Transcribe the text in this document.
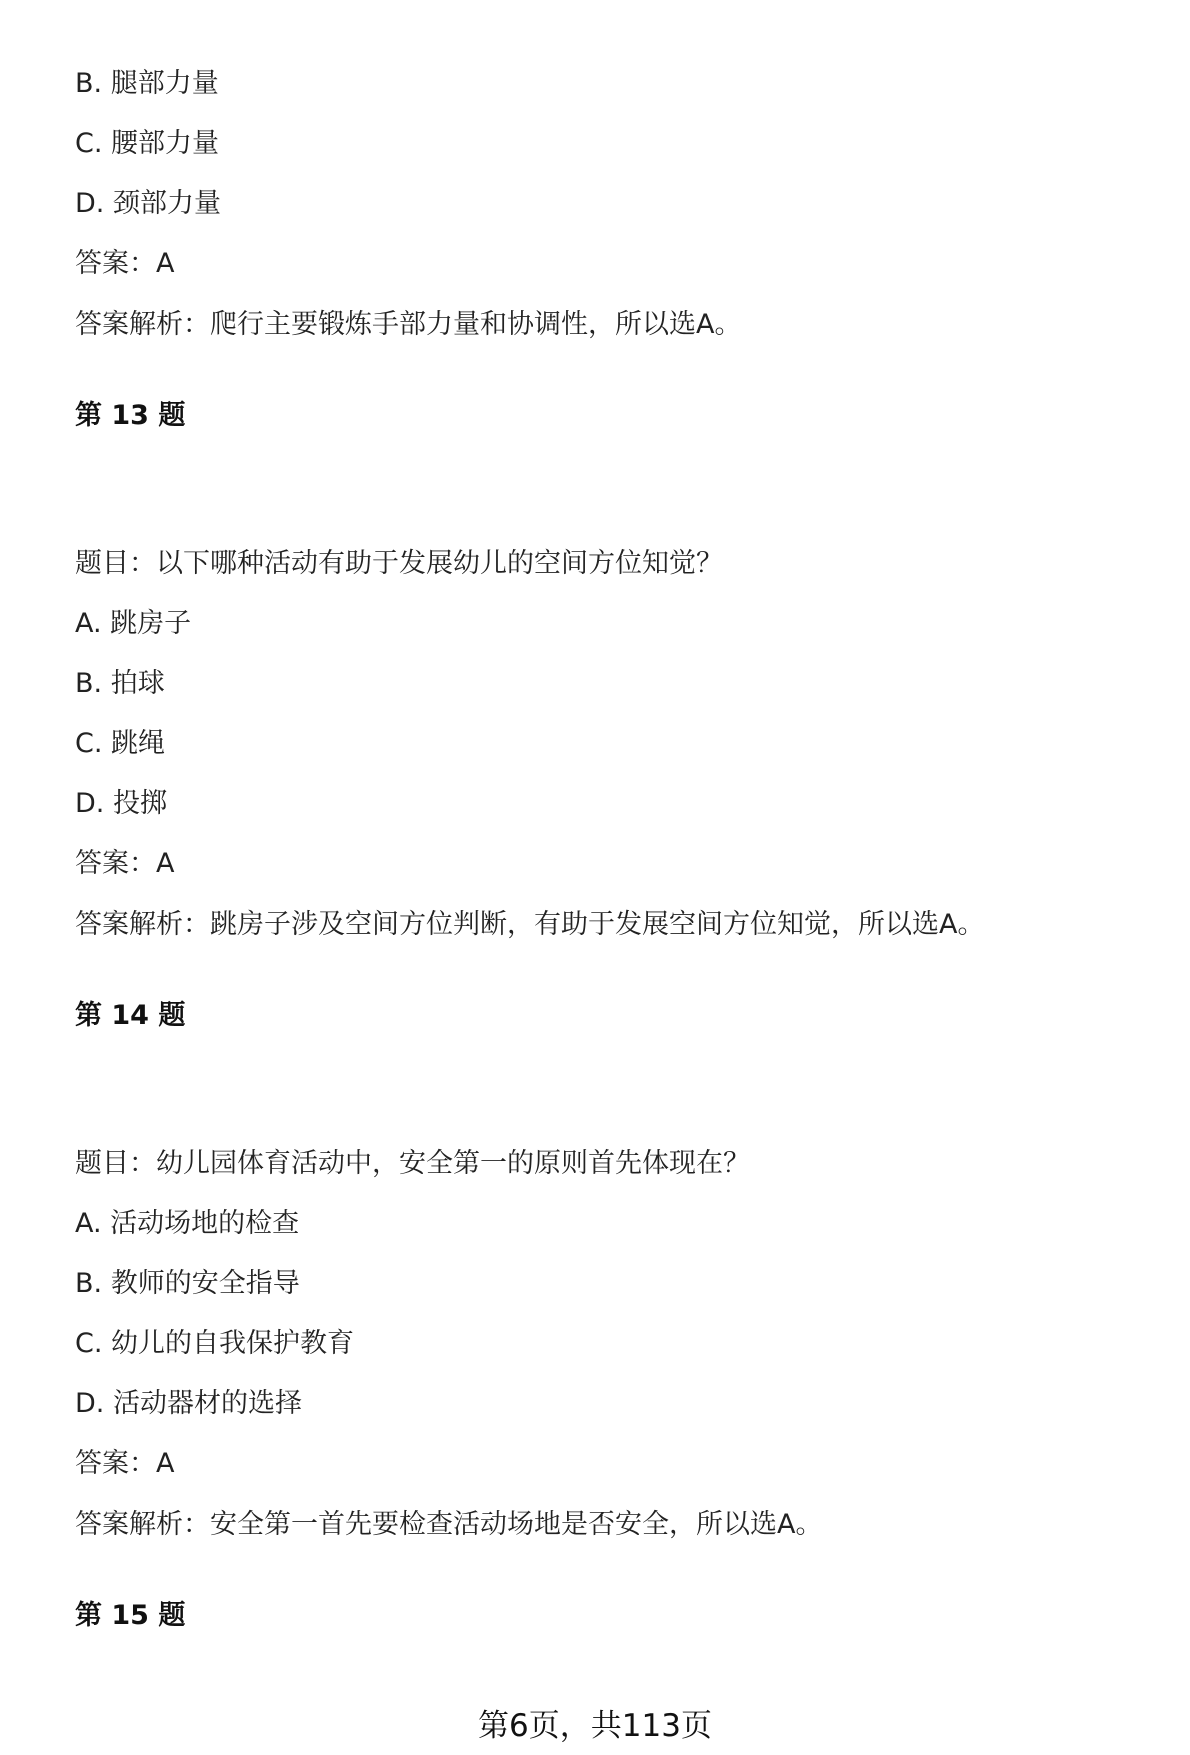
B. 腿部力量
C. 腰部力量
D. 颈部力量
答案：A
答案解析：爬行主要锻炼手部力量和协调性，所以选A。
第 13 题
题目：以下哪种活动有助于发展幼儿的空间方位知觉？
A. 跳房子
B. 拍球
C. 跳绳
D. 投掷
答案：A
答案解析：跳房子涉及空间方位判断，有助于发展空间方位知觉，所以选A。
第 14 题
题目：幼儿园体育活动中，安全第一的原则首先体现在？
A. 活动场地的检查
B. 教师的安全指导
C. 幼儿的自我保护教育
D. 活动器材的选择
答案：A
答案解析：安全第一首先要检查活动场地是否安全，所以选A。
第 15 题
第6页，共113页
